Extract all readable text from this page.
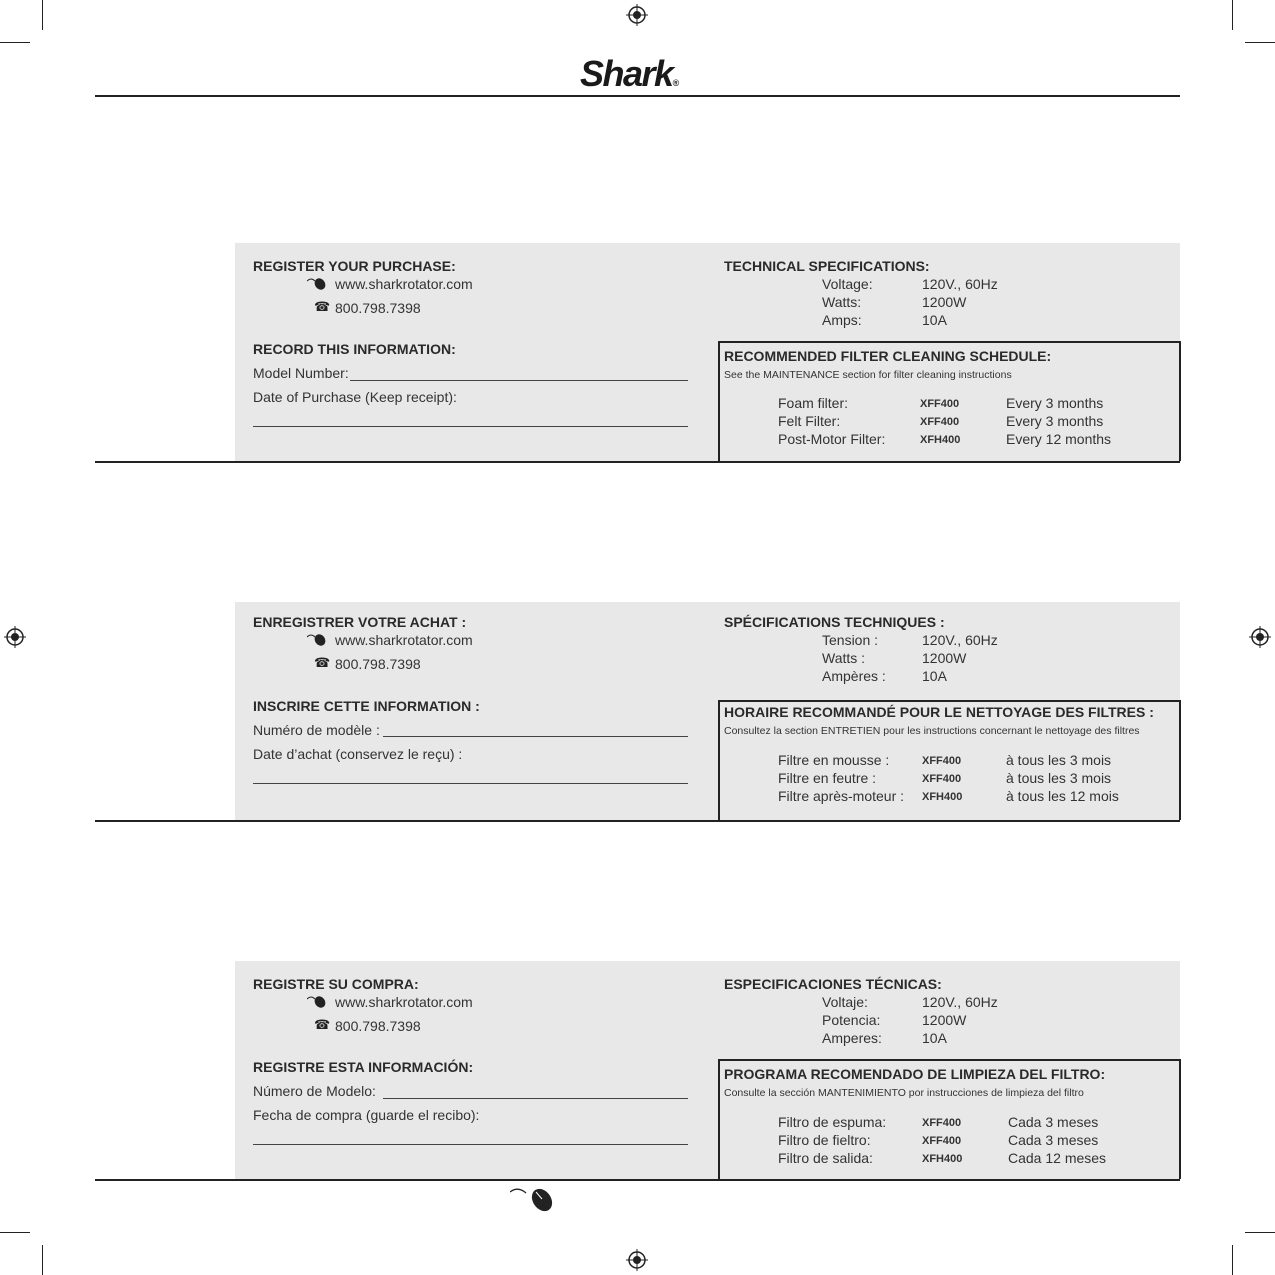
Shark®
REGISTER YOUR PURCHASE:
www.sharkrotator.com
☎ 800.798.7398
RECORD THIS INFORMATION:
Model Number:
Date of Purchase (Keep receipt):
TECHNICAL SPECIFICATIONS:
Voltage:	120V., 60Hz
Watts:	1200W
Amps:	10A
RECOMMENDED FILTER CLEANING SCHEDULE:
See the MAINTENANCE section for filter cleaning instructions
Foam filter:	XFF400	Every 3 months
Felt Filter:	XFF400	Every 3 months
Post-Motor Filter:	XFH400	Every 12 months
ENREGISTRER VOTRE ACHAT :
www.sharkrotator.com
☎ 800.798.7398
INSCRIRE CETTE INFORMATION :
Numéro de modèle :
Date d’achat (conservez le reçu) :
SPÉCIFICATIONS TECHNIQUES :
Tension :	120V., 60Hz
Watts :	1200W
Ampères :	10A
HORAIRE RECOMMANDÉ POUR LE NETTOYAGE DES FILTRES :
Consultez la section ENTRETIEN pour les instructions concernant le nettoyage des filtres
Filtre en mousse :	XFF400	à tous les 3 mois
Filtre en feutre :	XFF400	à tous les 3 mois
Filtre après-moteur : XFH400	à tous les 12 mois
REGISTRE SU COMPRA:
www.sharkrotator.com
☎ 800.798.7398
REGISTRE ESTA INFORMACIÓN:
Número de Modelo:
Fecha de compra (guarde el recibo):
ESPECIFICACIONES TÉCNICAS:
Voltaje:	120V., 60Hz
Potencia:	1200W
Amperes:	10A
PROGRAMA RECOMENDADO DE LIMPIEZA DEL FILTRO:
Consulte la sección MANTENIMIENTO por instrucciones de limpieza del filtro
Filtro de espuma:	XFF400	Cada 3 meses
Filtro de fieltro:	XFF400	Cada 3 meses
Filtro de salida:	XFH400	Cada 12 meses
